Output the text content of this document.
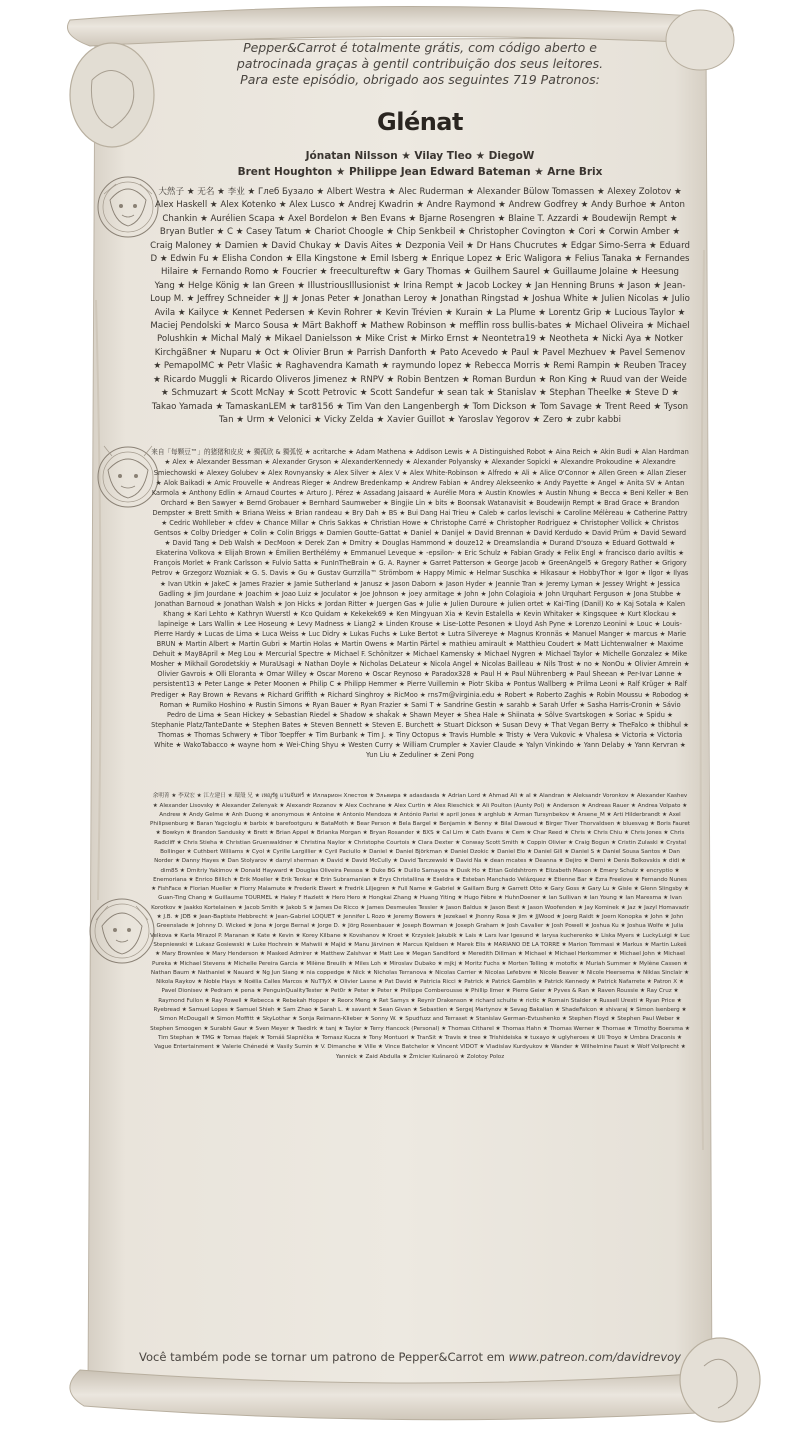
Pepper&Carrot é totalmente grátis, com código aberto e
patrocinada graças à gentil contribuição dos seus leitores.
Para este episódio, obrigado aos seguintes 719 Patronos:

Glénat

Jónatan Nilsson ★ Vilay Tleo ★ DiegoW
Brent Houghton ★ Philippe Jean Edward Bateman ★ Arne Brix

大然子 ★ 无名 ★ 李业 ★ Глеб Бузало ★ Albert Westra ★ Alec Ruderman ★ Alexander Bülow Tomassen ★ Alexey Zolotov ★ Alex Haskell ★ Alex Kotenko ★ Alex Lusco ★ Andrej Kwadrin ★ Andre Raymond ★ Andrew Godfrey ★ Andy Burhoe ★ Anton Chankin ★ Aurélien Scapa ★ Axel Bordelon ★ Ben Evans ★ Bjarne Rosengren ★ Blaine T. Azzardi ★ Boudewijn Rempt ★ Bryan Butler ★ C ★ Casey Tatum ★ Chariot Choogle ★ Chip Senkbeil ★ Christopher Covington ★ Cori ★ Corwin Amber ★ Craig Maloney ★ Damien ★ David Chukay ★ Davis Aites ★ Dezponia Veil ★ Dr Hans Chucrutes ★ Edgar Simo-Serra ★ Eduard D ★ Edwin Fu ★ Elisha Condon ★ Ella Kingstone ★ Emil Isberg ★ Enrique Lopez ★ Eric Waligora ★ Felius Tanaka ★ Fernandes Hilaire ★ Fernando Romo ★ Foucrier ★ freecultureftw ★ Gary Thomas ★ Guilhem Saurel ★ Guillaume Jolaine ★ Heesung Yang ★ Helge König ★ Ian Green ★ IllustriousIllusionist ★ Irina Rempt ★ Jacob Lockey ★ Jan Henning Bruns ★ Jason ★ Jean-Loup M. ★ Jeffrey Schneider ★ JJ ★ Jonas Peter ★ Jonathan Leroy ★ Jonathan Ringstad ★ Joshua White ★ Julien Nicolas ★ Julio Avila ★ Kailyce ★ Kennet Pedersen ★ Kevin Rohrer ★ Kevin Trévien ★ Kurain ★ La Plume ★ Lorentz Grip ★ Lucious Taylor ★ Maciej Pendolski ★ Marco Sousa ★ Märt Bakhoff ★ Mathew Robinson ★ mefflin ross bullis-bates ★ Michael Oliveira ★ Michael Polushkin ★ Michal Malý ★ Mikael Danielsson ★ Mike Crist ★ Mirko Ernst ★ Neontetra19 ★ Neotheta ★ Nicki Aya ★ Notker Kirchgäßner ★ Nuparu ★ Oct ★ Olivier Brun ★ Parrish Danforth ★ Pato Acevedo ★ Paul ★ Pavel Mezhuev ★ Pavel Semenov ★ PemapolMC ★ Petr Vlašic ★ Raghavendra Kamath ★ raymundo lopez ★ Rebecca Morris ★ Remi Rampin ★ Reuben Tracey ★ Ricardo Muggli ★ Ricardo Oliveros Jimenez ★ RNPV ★ Robin Bentzen ★ Roman Burdun ★ Ron King ★ Ruud van der Weide ★ Schmuzart ★ Scott McNay ★ Scott Petrovic ★ Scott Sandefur ★ sean tak ★ Stanislav ★ Stephan Theelke ★ Steve D ★ Takao Yamada ★ TamaskanLEM ★ tar8156 ★ Tim Van den Langenbergh ★ Tom Dickson ★ Tom Savage ★ Trent Reed ★ Tyson Tan ★ Urm ★ Velonici ★ Vicky Zelda ★ Xavier Guillot ★ Yaroslav Yegorov ★ Zero ★ zubr kabbi

来自「每颗豆™」的猪猪和皮皮 ★ 獨孤欣 & 獨弧悦 ★ acritarche ★ Adam Mathena ★ Addison Lewis ★ A Distinguished Robot ★ Aina Reich ★ Akin Budi ★ Alan Hardman ★ Alex ★ Alexander Bessman ★ Alexander Gryson ★ AlexanderKennedy ★ Alexander Polyansky ★ Alexander Sopicki ★ Alexandre Prokoudine ★ Alexandre Smiechowski ★ Alexey Golubev ★ Alex Rovnyansky ★ Alex Silver ★ Alex V ★ Alex White-Robinson ★ Alfredo ★ Ali ★ Alice O'Connor ★ Allen Green ★ Allan Zieser ★ Alok Baikadi ★ Amic Frouvelle ★ Andreas Rieger ★ Andrew Bredenkamp ★ Andrew Fabian ★ Andrey Alekseenko ★ Andy Payette ★ Angel ★ Anita SV ★ Antan Karmola ★ Anthony Edlin ★ Arnaud Courtes ★ Arturo J. Pérez ★ Assadang Jaisaard ★ Aurélie Mora ★ Austin Knowles ★ Austin Nhung ★ Becca ★ Beni Keller ★ Ben Orchard ★ Ben Sawyer ★ Bernd Grobauer ★ Bernhard Saumweber ★ Bingjie Lin ★ bits ★ Boonsak Watanavisit ★ Boudewijn Rempt ★ Brad Grace ★ Brandon Dempster ★ Brett Smith ★ Briana Weiss ★ Brian randeau ★ Bry Dah ★ BS ★ Bui Dang Hai Trieu ★ Caleb ★ carlos levischi ★ Caroline Mélèreau ★ Catherine Pattry ★ Cedric Wohlleber ★ cfdev ★ Chance Millar ★ Chris Sakkas ★ Christian Howe ★ Christophe Carré ★ Christopher Rodriguez ★ Christopher Vollick ★ Christos Gentsos ★ Colby Driedger ★ Colin ★ Colin Briggs ★ Damien Goutte-Gattat ★ Daniel ★ Danijel ★ David Brennan ★ David Kerdudo ★ David Prüm ★ David Seward ★ David Tang ★ Deb Walsh ★ DecMoon ★ Derek Zan ★ Dmitry ★ Douglas Hammond ★ douze12 ★ Dreamslandia ★ Durand D'souza ★ Eduard Gottwald ★ Ekaterina Volkova ★ Elijah Brown ★ Émilien Berthélémy ★ Emmanuel Leveque ★ -epsilon- ★ Eric Schulz ★ Fabian Grady ★ Felix Engl ★ francisco dario aviltis ★ François Morlet ★ Frank Carlsson ★ Fulvio Satta ★ FunInTheBrain ★ G. A. Rayner ★ Garret Patterson ★ George Jacob ★ GreenAngel5 ★ Gregory Rather ★ Grigory Petrov ★ Grzegorz Wozniak ★ G. S. Davis ★ Gu ★ Gustav Gurrzilla™ Strömbom ★ Happy Mimic ★ Helmar Suschka ★ Hikasaur ★ HobbyThor ★ Igor ★ Ilgor ★ Ilyas ★ Ivan Utkin ★ JakeC ★ James Frazier ★ Jamie Sutherland ★ Janusz ★ Jason Daborn ★ Jason Hyder ★ Jeannie Tran ★ Jeremy Lyman ★ Jessey Wright ★ Jessica Gadling ★ Jim Jourdane ★ Joachim ★ Joao Luiz ★ Joculator ★ Joe Johnson ★ joey armitage ★ John ★ John Colagioia ★ John Urquhart Ferguson ★ Jona Stubbe ★ Jonathan Barnoud ★ Jonathan Walsh ★ Jon Hicks ★ Jordan Ritter ★ Juergen Gas ★ Julie ★ Julien Duroure ★ julien ortet ★ Kai-Ting (Danil) Ko ★ Kaj Sotala ★ Kalen Khang ★ Kari Lehto ★ Kathryn Wuerstl ★ Kco Quidam ★ Kekekek69 ★ Ken Mingyuan Xia ★ Kevin Estalella ★ Kevin Whitaker ★ Kingsquee ★ Kurt Klockau ★ lapineige ★ Lars Wallin ★ Lee Hoseung ★ Levy Madness ★ Liang2 ★ Linden Krouse ★ Lise-Lotte Pesonen ★ Lloyd Ash Pyne ★ Lorenzo Leonini ★ Louc ★ Louis-Pierre Hardy ★ Lucas de Lima ★ Luca Weiss ★ Luc Didry ★ Lukas Fuchs ★ Luke Bertot ★ Lutra Silvereye ★ Magnus Kronnäs ★ Manuel Manger ★ marcus ★ Marie BRUN ★ Martin Albert ★ Martin Gubri ★ Martin Holas ★ Martin Owens ★ Martin Pärtel ★ mathieu amirault ★ Matthieu Coudert ★ Matt Lichtenwalner ★ Maxime Dehuit ★ May8April ★ Meg Lou ★ Mercurial Spectre ★ Michael F. Schönitzer ★ Michael Kamensky ★ Michael Nygren ★ Michael Taylor ★ Michelle Gonzalez ★ Mike Mosher ★ Mikhail Gorodetskiy ★ MuraUsagi ★ Nathan Doyle ★ Nicholas DeLateur ★ Nicola Angel ★ Nicolas Bailleau ★ Nils Trost ★ no ★ NonOu ★ Olivier Amrein ★ Olivier Gavrois ★ Olli Eloranta ★ Omar Willey ★ Oscar Moreno ★ Oscar Reynoso ★ Paradox328 ★ Paul H ★ Paul Nührenberg ★ Paul Sheean ★ Per-Ivar Lønne ★ persistent13 ★ Peter Lange ★ Peter Moonen ★ Philip C ★ Philipp Hemmer ★ Pierre Vuillemin ★ Piotr Skiba ★ Pontus Wallberg ★ Prilma Leoni ★ Ralf Krüger ★ Ralf Prediger ★ Ray Brown ★ Revans ★ Richard Griffith ★ Richard Singhroy ★ RicMoo ★ rns7m@virginia.edu ★ Robert ★ Roberto Zaghis ★ Robin Moussu ★ Robodog ★ Roman ★ Rumiko Hoshino ★ Rustin Simons ★ Ryan Bauer ★ Ryan Frazier ★ Sami T ★ Sandrine Gestin ★ sarahb ★ Sarah Urfer ★ Sasha Harris-Cronin ★ Sávio Pedro de Lima ★ Sean Hickey ★ Sebastian Riedel ★ Shadow ★ shaǩak ★ Shawn Meyer ★ Shea Hale ★ Shiinata ★ Sölve Svartskogen ★ Soriac ★ Spidu ★ Stephanie Platz/TanteDante ★ Stephen Bates ★ Steven Bennett ★ Steven E. Burchett ★ Stuart Dickson ★ Susan Devy ★ That Vegan Berry ★ TheFalco ★ thibhul ★ Thomas ★ Thomas Schwery ★ Tibor Toepffer ★ Tim Burbank ★ Tim J. ★ Tiny Octopus ★ Travis Humble ★ Tristy ★ Vera Vukovic ★ Vhalesa ★ Victoria ★ Victoria White ★ WakoTabacco ★ wayne hom ★ Wei-Ching Shyu ★ Westen Curry ★ William Crumpler ★ Xavier Claude ★ Yalyn Vinkindo ★ Yann Delaby ★ Yann Kervran ★ Yun Liu ★ Zeduliner ★ Zeni Pong

余明菁 ★ 李双宏 ★ 江左建日 ★ 環殼 兄 ★ เหญูรัฐ แว่นจันทร์ ★ Илларион Хлестов ★ Эльвира ★ adasdasda ★ Adrian Lord ★ Ahmad Ali ★ al ★ Alandran ★ Aleksandr Voronkov ★ Alexander Kashev ★ Alexander Lisovsky ★ Alexander Zelenyak ★ Alexandr Rozanov ★ Alex Cochrane ★ Alex Curtin ★ Alex Rieschick ★ Ali Poulton (Aunty Pol) ★ Anderson ★ Andreas Rauer ★ Andrea Volpato ★ Andrew ★ Andy Gelme ★ Anh Duong ★ anonymous ★ Antoine ★ Antonio Mendoza ★ António Parisi ★ april jones ★ arghlub ★ Arman Tursynbekov ★ Arsene_M ★ Arti Hilderbrandt ★ Axel Philipsenburg ★ Baran Yagcioglu ★ barbix ★ barefootguru ★ BataMoth ★ Bear Person ★ Bela Bargel ★ Benjamin ★ Benny ★ Bilal Dawoud ★ Birger Tiver Thorvaldsen ★ bluesvag ★ Boris Fauret ★ Bowkyn ★ Brandon Sandusky ★ Brett ★ Brian Appel ★ Brianka Morgan ★ Bryan Rosander ★ BXS ★ Cal Lim ★ Cath Evans ★ Cem ★ Char Reed ★ Chris ★ Chris Chiu ★ Chris Jones ★ Chris Radcliff ★ Chris Stieha ★ Christian Gruenwaldner ★ Christina Naylor ★ Christophe Courtois ★ Clara Dexter ★ Conway Scott Smith ★ Coppin Olivier ★ Craig Bogun ★ Cristin Zulaski ★ Crystal Bollinger ★ Cuthbert Williams ★ Cyol ★ Cyrille Largillier ★ Cyril Paciullo ★ Daniel ★ Daniel Björkman ★ Daniel Dzokic ★ Daniel Elo ★ Daniel Gill ★ Daniel S ★ Daniel Sousa Santos ★ Dan Norder ★ Danny Hayes ★ Dan Stolyarov ★ darryl sherman ★ David ★ David McCully ★ David Tarczewski ★ David Na ★ dean mcates ★ Deanna ★ Dejiro ★ Demi ★ Denis Bolkovskis ★ didi ★ dim85 ★ Dmitriy Yakimov ★ Donald Hayward ★ Douglas Oliveira Pessoa ★ Duke BG ★ Duilio Samayoa ★ Dusk Ho ★ Eitan Goldshtrom ★ Elizabeth Mason ★ Emery Schulz ★ encryptio ★ Enemoriana ★ Enrico Billich ★ Erik Moeller ★ Erik Tenkar ★ Erin Subramanian ★ Erys Christallina ★ Eseldra ★ Esteban Manchado Velázquez ★ Etienne Bar ★ Ezra Freelove ★ Fernando Nunes ★ FishFace ★ Florian Mueller ★ Florry Malamute ★ Frederik Elwert ★ Fredrik Liljegren ★ Full Name ★ Gabriel ★ Gaillam Burg ★ Garrett Otto ★ Gary Goss ★ Gary Lu ★ Gisle ★ Glenn Slingsby ★ Guan-Ting Chang ★ Guillaume TOURMEL ★ Haley F Hazlett ★ Hero Hero ★ Hongkai Zhang ★ Huang Yiting ★ Hugo Fèbre ★ HuhnDoener ★ Ian Sullivan ★ Ian Young ★ Ian Maresma ★ Ivan Korotkov ★ Jaakko Kortelainen ★ Jacob Smith ★ Jakob S ★ James De Ricco ★ James Desmeules Tessier ★ Jason Baldus ★ Jason Best ★ Jason Woofenden ★ Jay Kominek ★ Jaz ★ Jazyl Homavazir ★ J.B. ★ JDB ★ Jean-Baptiste Hebbrecht ★ Jean-Gabriel LOQUET ★ Jennifer L Rozo ★ Jeremy Bowers ★ Jezekael ★ Jhonny Rosa ★ Jim ★ JJWood ★ Joerg Raidt ★ Joern Konopka ★ John ★ John Greenslade ★ Johnny D. Wicked ★ Jona ★ Jorge Bernal ★ Jorge D. ★ Jörg Rosenbauer ★ Joseph Bowman ★ Joseph Graham ★ Josh Cavalier ★ Josh Powell ★ Joshua Ku ★ Joshua Wolfe ★ Julia Velkova ★ Karla Mirazol P. Maranan ★ Kate ★ Kevin ★ Korey Kilbane ★ Kovshanov ★ Kroet ★ Krzysiek Jakubik ★ Lais ★ Lars Ivar Igesund ★ larysa kucherenko ★ Liska Myers ★ LuckyLuigi ★ Luc Stepniewski ★ Lukasz Gosiewski ★ Luke Hochrein ★ Mahwiii ★ Majid ★ Manu Järvinen ★ Marcus Kjeldsen ★ Marek Elis ★ MARIANO DE LA TORRE ★ Marion Tommasi ★ Markus ★ Martin Lukeš ★ Mary Brownlee ★ Mary Henderson ★ Masked Admirer ★ Matthew Zalshvar ★ Matt Lee ★ Megan Sandiford ★ Meredith Dillman ★ Michael ★ Michael Herkommer ★ Michael John ★ Michael Pureka ★ Michael Stevens ★ Michelle Pereira Garcia ★ Milène Breuilh ★ Miles Loh ★ Miroslav Dubako ★ mjkj ★ Moritz Fuchs ★ Morten Telling ★ motofix ★ Muriah Summer ★ Mylène Cassen ★ Nathan Baum ★ Nathaniel ★ Nauard ★ Ng Jun Siang ★ nia coppedge ★ Nick ★ Nicholas Terranova ★ Nicolas Carrier ★ Nicolas Lefebvre ★ Nicole Beaver ★ Nicole Heersema ★ Niklas Sinclair ★ Nikola Raykov ★ Noble Hays ★ Noëlia Calles Marcos ★ NuTTyX ★ Olivier Lasne ★ Pat David ★ Patricia Ricci ★ Patrick ★ Patrick Gamblin ★ Patrick Kennedy ★ Patrick Nafarrete ★ Patron X ★ Pavel Dionisev ★ Pedram ★ pena ★ PenguinQualityTester ★ Pet0r ★ Peter ★ Peter ★ Philippe Comberousse ★ Phillip Ilmer ★ Pierre Geier ★ Pyves & Ran ★ Raven Roussie ★ Ray Cruz ★ Raymond Fullon ★ Ray Powell ★ Rebecca ★ Rebekah Hopper ★ Reorx Meng ★ Ret Samys ★ Reynir Drakenson ★ richard schulte ★ rictic ★ Romain Stalder ★ Russell Uresti ★ Ryan Price ★ Ryebread ★ Samuel Lopes ★ Samuel Shieh ★ Sam Zhao ★ Sarah L. ★ savant ★ Sean Givan ★ Sebastien ★ Sergej Martynov ★ Sevag Bakalian ★ ShadeFalcon ★ shivaraj ★ Simon Isenberg ★ Simon McDougall ★ Simon Moffitt ★ SkyLothar ★ Sonja Reimann-Klieber ★ Sonny W. ★ Spudfuzz and Terraset ★ Stanislav German-Evtushenko ★ Stephen Floyd ★ Stephen Paul Weber ★ Stephen Smoogen ★ Surabhi Gaur ★ Sven Meyer ★ Taedirk ★ tanj ★ Taylor ★ Terry Hancock (Personal) ★ Thomas Citharel ★ Thomas Hahn ★ Thomas Werner ★ Thornae ★ Timothy Boersma ★ Tim Stephan ★ TMG ★ Tomas Hajek ★ Tomáš Slapnička ★ Tomasz Kucza ★ Tony Montuori ★ TranSit ★ Travis ★ tree ★ Trishideiska ★ tuxayo ★ uglyheroes ★ Uli Troyo ★ Umbra Draconis ★ Vague Entertainment ★ Valerie Chénedé ★ Vasily Sumin ★ V. Dimanche ★ Ville ★ Vince Batchelor ★ Vincent VIDOT ★ Vladislav Kurdyukov ★ Wander ★ Wilhelmine Faust ★ Wolf Vollprecht ★ Yannick ★ Zaid Abdulla ★ Žmicier Kušnaroŭ ★ Zolotoy Poloz

Você também pode se tornar um patrono de Pepper&Carrot em www.patreon.com/davidrevoy
